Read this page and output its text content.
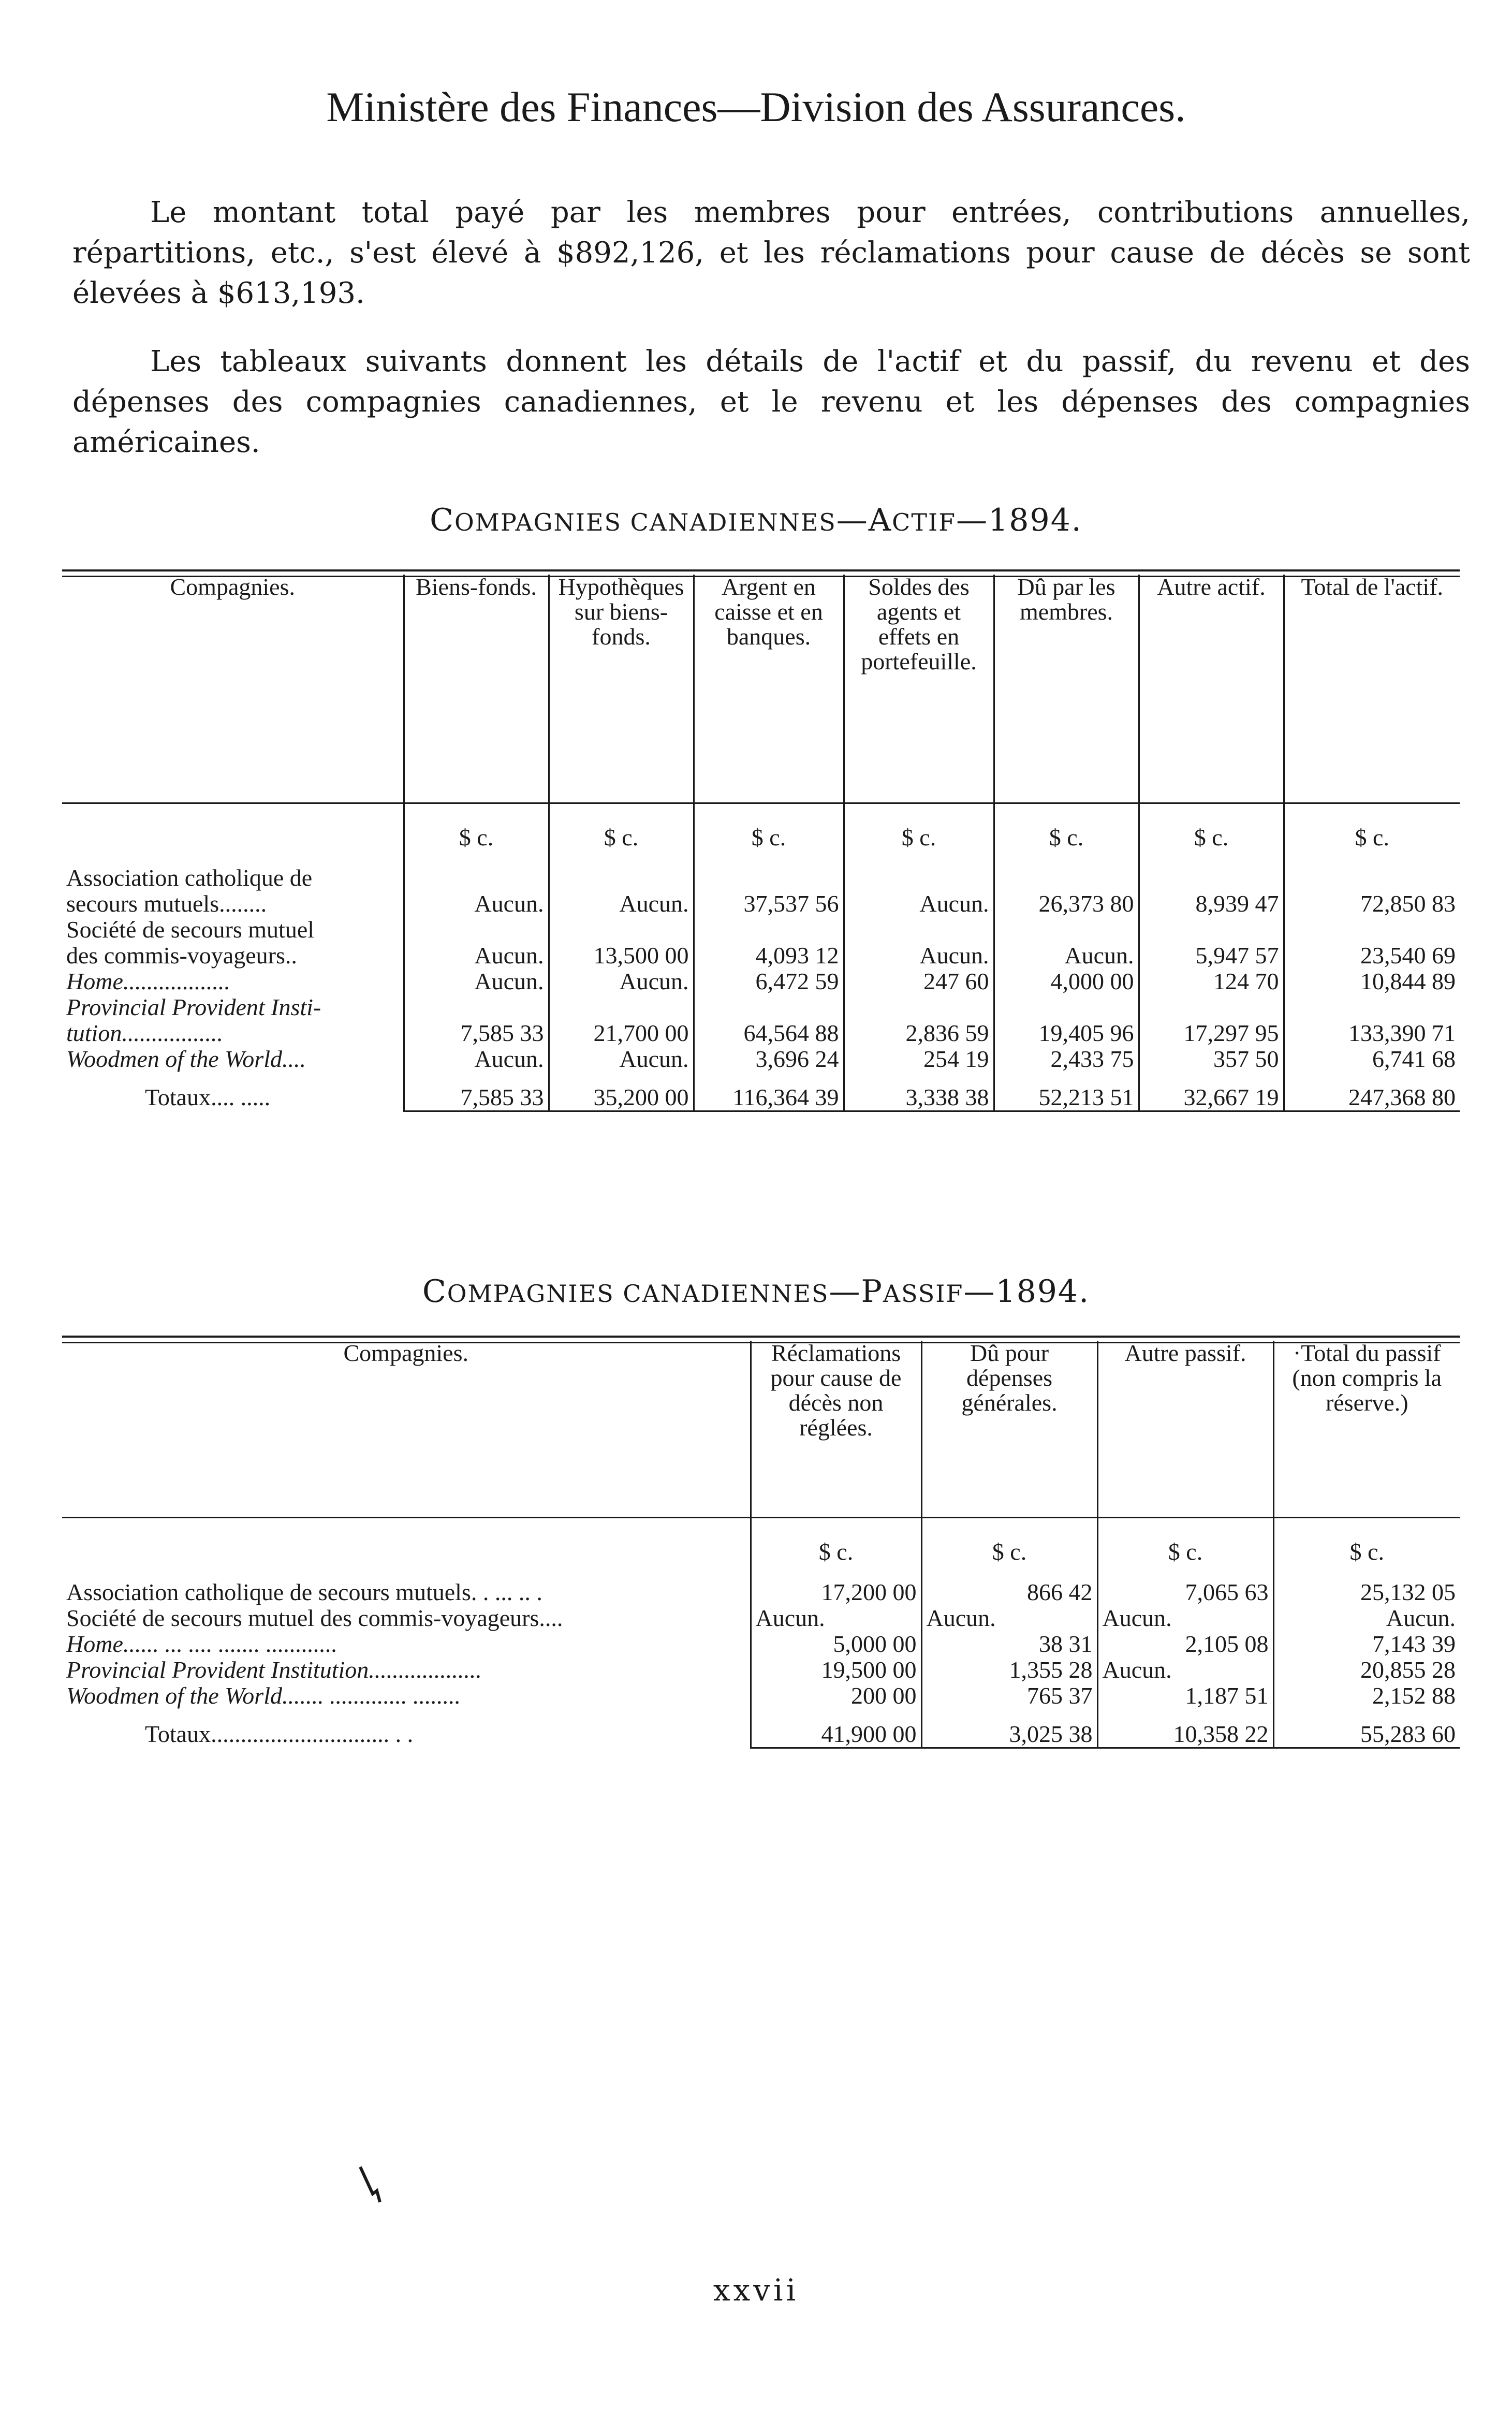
Ministère des Finances—Division des Assurances.

Le montant total payé par les membres pour entrées, contributions annuelles, répartitions, etc., s'est élevé à $892,126, et les réclamations pour cause de décès se sont élevées à $613,193.

Les tableaux suivants donnent les détails de l'actif et du passif, du revenu et des dépenses des compagnies canadiennes, et le revenu et les dépenses des compagnies américaines.

COMPAGNIES CANADIENNES—ACTIF—1894.
Compagnies.	Biens-fonds.	Hypothèques sur biens-fonds.	Argent en caisse et en banques.	Soldes des agents et effets en portefeuille.	Dû par les membres.	Autre actif.	Total de l'actif.

	$ c.	$ c.	$ c.	$ c.	$ c.	$ c.	$ c.

Association catholique de
secours mutuels........	Aucun.	Aucun.	37,537 56	Aucun.	26,373 80	8,939 47	72,850 83

Société de secours mutuel
des commis-voyageurs..	Aucun.	13,500 00	4,093 12	Aucun.	Aucun.	5,947 57	23,540 69

Home..................	Aucun.	Aucun.	6,472 59	247 60	4,000 00	124 70	10,844 89

Provincial Provident Insti-
tution.................	7,585 33	21,700 00	64,564 88	2,836 59	19,405 96	17,297 95	133,390 71

Woodmen of the World....	Aucun.	Aucun.	3,696 24	254 19	2,433 75	357 50	6,741 68
Totaux.... .....	7,585 33	35,200 00	116,364 39	3,338 38	52,213 51	32,667 19	247,368 80

COMPAGNIES CANADIENNES—PASSIF—1894.
Compagnies.	Réclamations pour cause de décès non réglées.	Dû pour dépenses générales.	Autre passif.	·Total du passif (non compris la réserve.)

	$ c.	$ c.	$ c.	$ c.
Association catholique de secours mutuels. . ... .. .	17,200 00	866 42	7,065 63	25,132 05
Société de secours mutuel des commis-voyageurs....	Aucun.	Aucun.	Aucun.	Aucun.
Home...... ... .... ....... ............	5,000 00	38 31	2,105 08	7,143 39
Provincial Provident Institution...................	19,500 00	1,355 28	Aucun.	20,855 28
Woodmen of the World....... ............. ........	200 00	765 37	1,187 51	2,152 88
Totaux.............................. . .	41,900 00	3,025 38	10,358 22	55,283 60

xxvii
